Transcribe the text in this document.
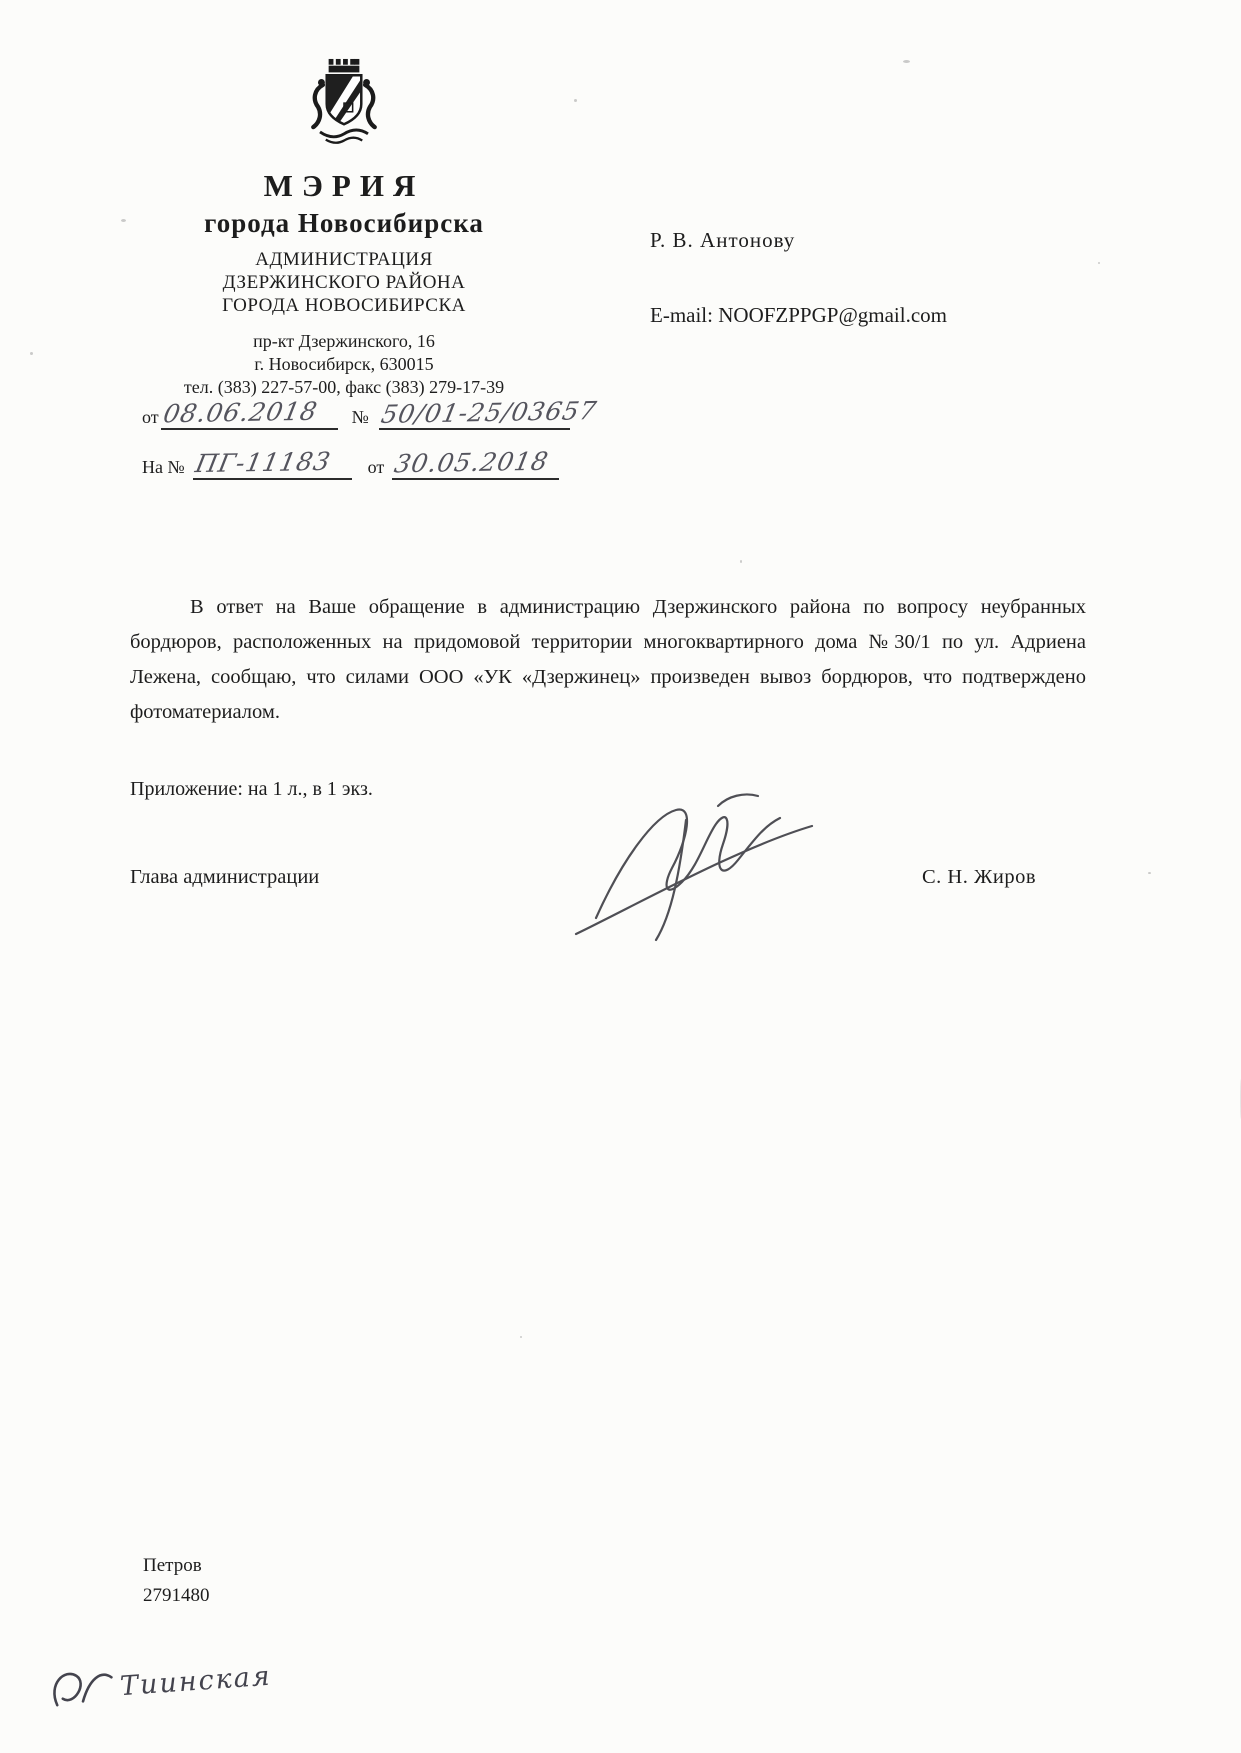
МЭРИЯ
города Новосибирска
АДМИНИСТРАЦИЯ
ДЗЕРЖИНСКОГО РАЙОНА
ГОРОДА НОВОСИБИРСКА
пр-кт Дзержинского, 16
г. Новосибирск, 630015
тел. (383) 227-57-00, факс (383) 279-17-39
от08.06.2018 № 50/01-25/03657
На № ПГ-11183 от 30.05.2018
Р. В. Антонову
E-mail: NOOFZPPGP@gmail.com
В ответ на Ваше обращение в администрацию Дзержинского района по вопросу неубранных бордюров, расположенных на придомовой территории многоквартирного дома №30/1 по ул. Адриена Лежена, сообщаю, что силами ООО «УК «Дзержинец» произведен вывоз бордюров, что подтверждено фотоматериалом.
Приложение: на 1 л., в 1 экз.
Глава администрации	С. Н. Жиров
Петров
2791480
Тиинская
